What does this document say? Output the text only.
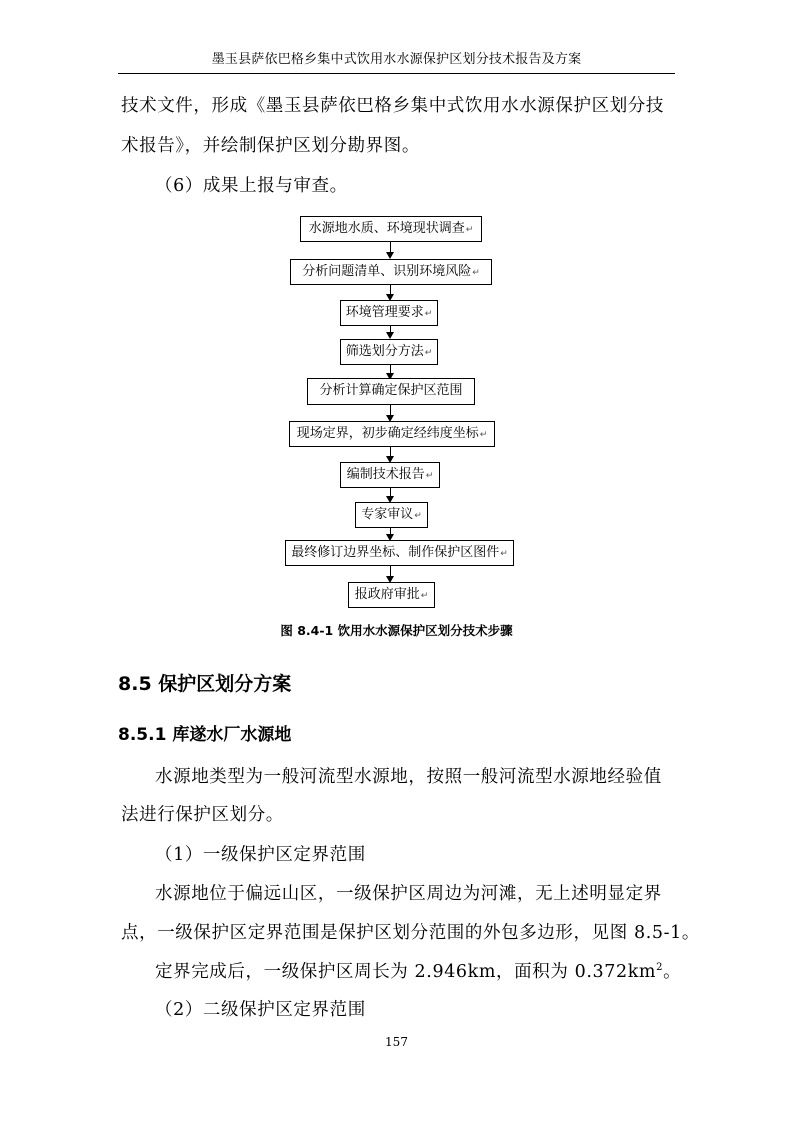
墨玉县萨依巴格乡集中式饮用水水源保护区划分技术报告及方案
技术文件，形成《墨玉县萨依巴格乡集中式饮用水水源保护区划分技
术报告》，并绘制保护区划分勘界图。
（6）成果上报与审查。
水源地水质、环境现状调查↵
分析问题清单、识别环境风险↵
环境管理要求↵
筛选划分方法↵
分析计算确定保护区范围
现场定界，初步确定经纬度坐标↵
编制技术报告↵
专家审议↵
最终修订边界坐标、制作保护区图件↵
报政府审批↵
图 8.4-1 饮用水水源保护区划分技术步骤
8.5 保护区划分方案
8.5.1 库遂水厂水源地
水源地类型为一般河流型水源地，按照一般河流型水源地经验值
法进行保护区划分。
（1）一级保护区定界范围
水源地位于偏远山区，一级保护区周边为河滩，无上述明显定界
点，一级保护区定界范围是保护区划分范围的外包多边形，见图 8.5-1。
定界完成后，一级保护区周长为 2.946km，面积为 $0.372km^2$。
（2）二级保护区定界范围
157
